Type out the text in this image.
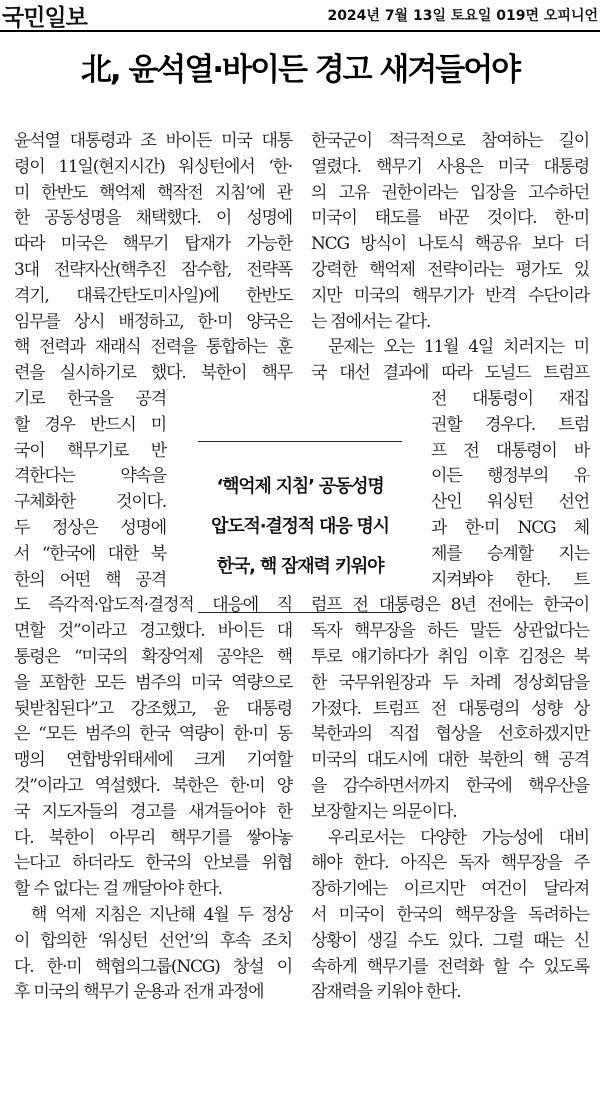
국민일보	2024년 7월 13일 토요일 019면 오피니언
北, 윤석열·바이든 경고 새겨들어야
윤석열 대통령과 조 바이든 미국 대통
령이 11일(현지시간) 워싱턴에서 ‘한·
미 한반도 핵억제 핵작전 지침’에 관
한 공동성명을 채택했다. 이 성명에
따라 미국은 핵무기 탑재가 가능한
3대 전략자산(핵추진 잠수함, 전략폭
격기, 대륙간탄도미사일)에 한반도
임무를 상시 배정하고, 한·미 양국은
핵 전력과 재래식 전력을 통합하는 훈
련을 실시하기로 했다. 북한이 핵무
기로 한국을 공격
할 경우 반드시 미
국이 핵무기로 반
격한다는 약속을
구체화한 것이다.
두 정상은 성명에
서 “한국에 대한 북
한의 어떤 핵 공격
도 즉각적·압도적·결정적 대응에 직
면할 것”이라고 경고했다. 바이든 대
통령은 “미국의 확장억제 공약은 핵
을 포함한 모든 범주의 미국 역량으로
뒷받침된다”고 강조했고, 윤 대통령
은 “모든 범주의 한국 역량이 한·미 동
맹의 연합방위태세에 크게 기여할
것”이라고 역설했다. 북한은 한·미 양
국 지도자들의 경고를 새겨들어야 한
다. 북한이 아무리 핵무기를 쌓아놓
는다고 하더라도 한국의 안보를 위협
할 수 없다는 걸 깨달아야 한다.
핵 억제 지침은 지난해 4월 두 정상
이 합의한 ‘워싱턴 선언’의 후속 조치
다. 한·미 핵협의그룹(NCG) 창설 이
후 미국의 핵무기 운용과 전개 과정에
한국군이 적극적으로 참여하는 길이
열렸다. 핵무기 사용은 미국 대통령
의 고유 권한이라는 입장을 고수하던
미국이 태도를 바꾼 것이다. 한·미
NCG 방식이 나토식 핵공유 보다 더
강력한 핵억제 전략이라는 평가도 있
지만 미국의 핵무기가 반격 수단이라
는 점에서는 같다.
문제는 오는 11월 4일 치러지는 미
국 대선 결과에 따라 도널드 트럼프
전 대통령이 재집
권할 경우다. 트럼
프 전 대통령이 바
이든 행정부의 유
산인 워싱턴 선언
과 한·미 NCG 체
제를 승계할 지는
지켜봐야 한다. 트
럼프 전 대통령은 8년 전에는 한국이
독자 핵무장을 하든 말든 상관없다는
투로 얘기하다가 취임 이후 김정은 북
한 국무위원장과 두 차례 정상회담을
가졌다. 트럼프 전 대통령의 성향 상
북한과의 직접 협상을 선호하겠지만
미국의 대도시에 대한 북한의 핵 공격
을 감수하면서까지 한국에 핵우산을
보장할지는 의문이다.
우리로서는 다양한 가능성에 대비
해야 한다. 아직은 독자 핵무장을 주
장하기에는 이르지만 여건이 달라져
서 미국이 한국의 핵무장을 독려하는
상황이 생길 수도 있다. 그럴 때는 신
속하게 핵무기를 전력화 할 수 있도록
잠재력을 키워야 한다.
‘핵억제 지침’ 공동성명
압도적·결정적 대응 명시
한국, 핵 잠재력 키워야
